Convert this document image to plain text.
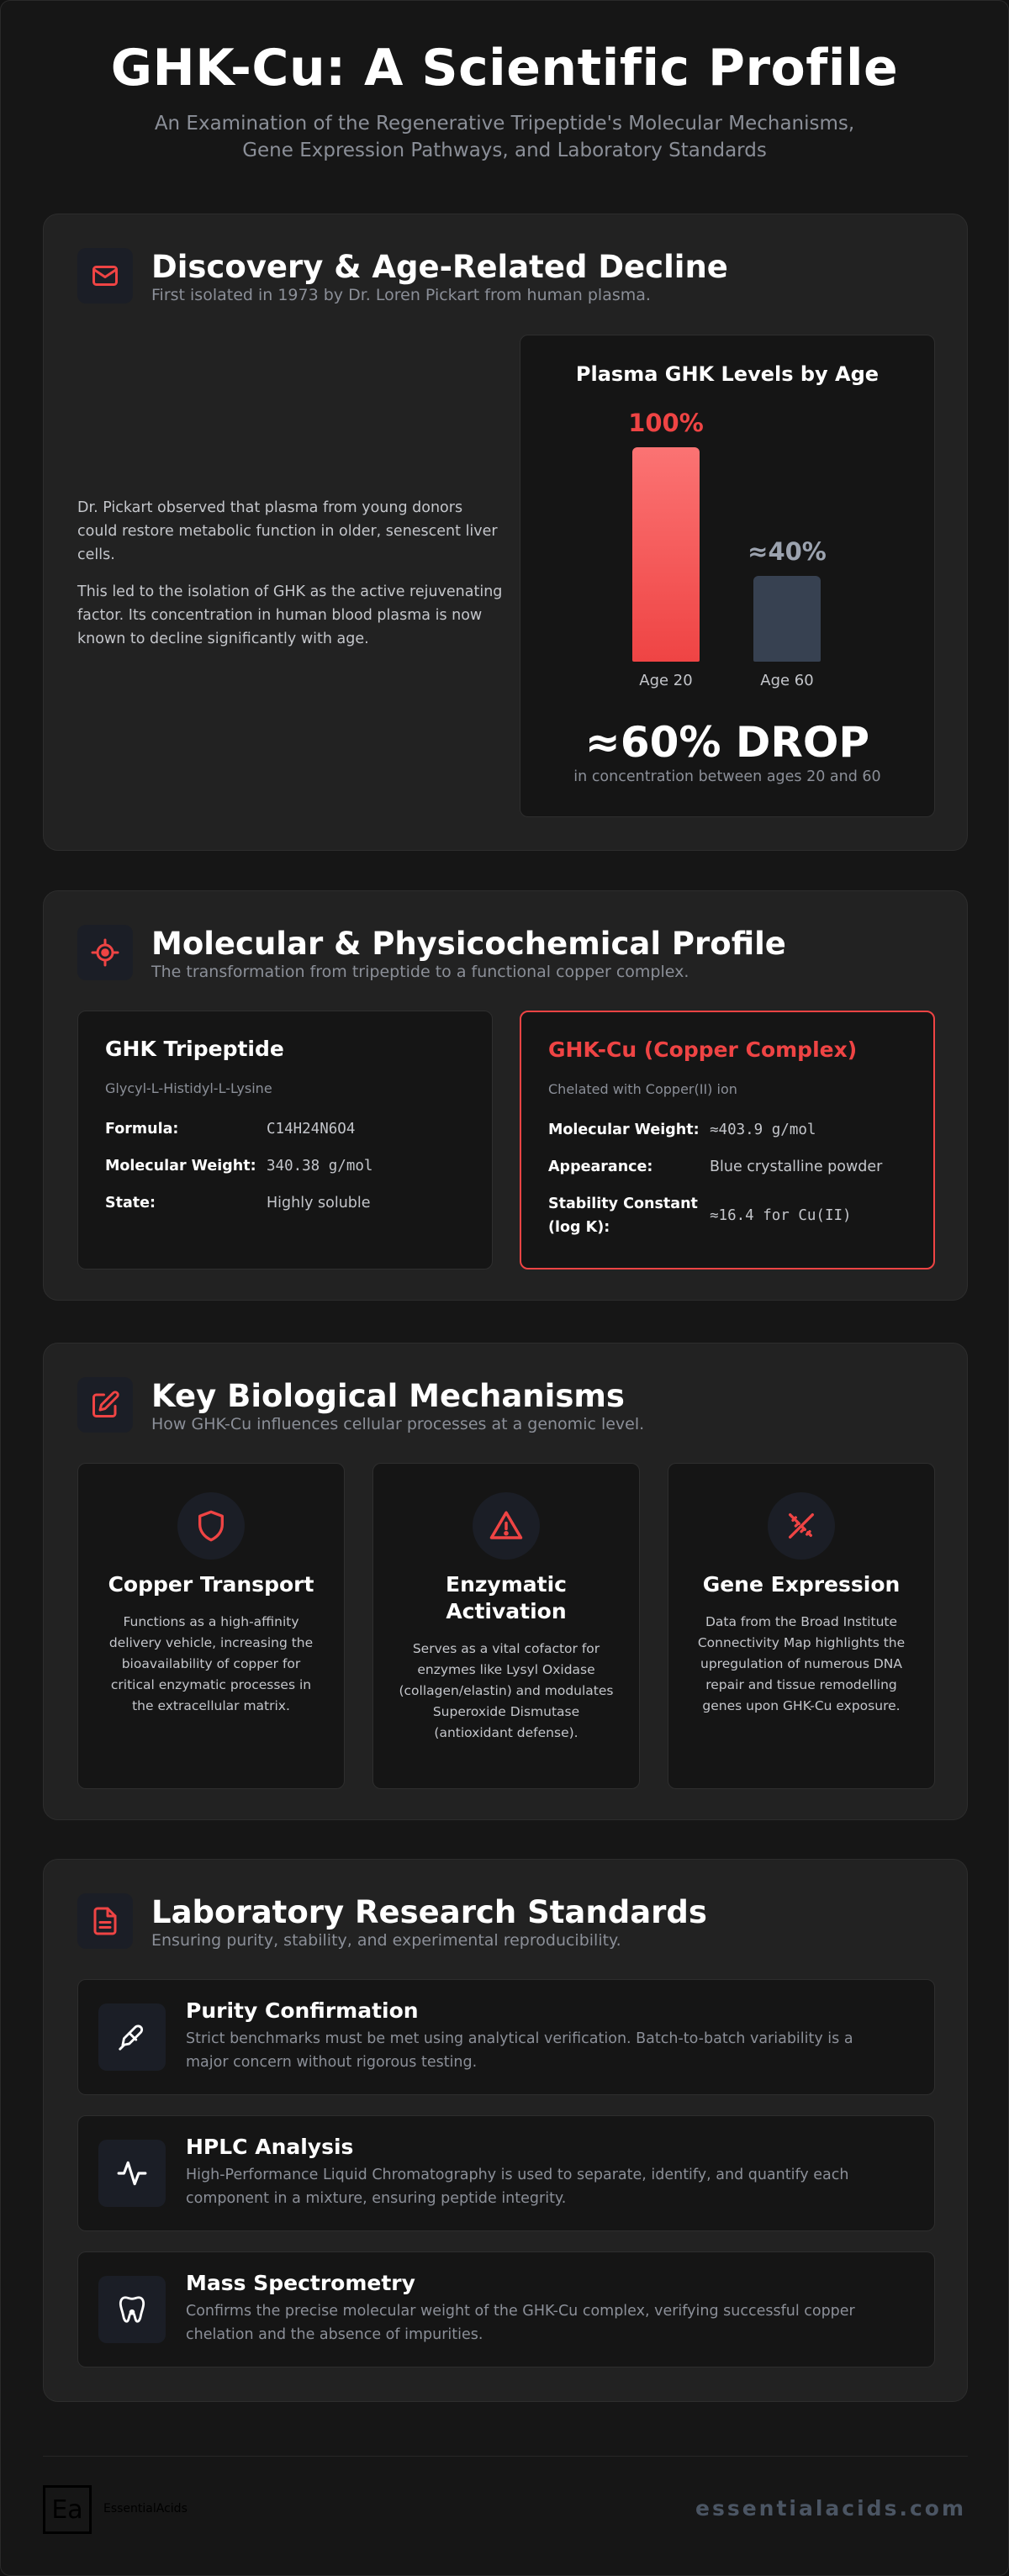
GHK-Cu: A Scientific Profile

An Examination of the Regenerative Tripeptide's Molecular Mechanisms,
Gene Expression Pathways, and Laboratory Standards

Discovery & Age-Related Decline
First isolated in 1973 by Dr. Loren Pickart from human plasma.

Dr. Pickart observed that plasma from young donors could restore metabolic function in older, senescent liver cells.

This led to the isolation of GHK as the active rejuvenating factor. Its concentration in human blood plasma is now known to decline significantly with age.

Plasma GHK Levels by Age
100%
Age 20
≈40%
Age 60
≈60% DROP
in concentration between ages 20 and 60
Molecular & Physicochemical Profile
The transformation from tripeptide to a functional copper complex.
GHK Tripeptide
Glycyl-L-Histidyl-L-Lysine
Formula:	C14H24N6O4
Molecular Weight: 340.38 g/mol
State:	Highly soluble
GHK-Cu (Copper Complex)
Chelated with Copper(II) ion
Molecular Weight: ≈403.9 g/mol
Appearance:	Blue crystalline powder
Stability Constant (log K):
≈16.4 for Cu(II)
Key Biological Mechanisms
How GHK-Cu influences cellular processes at a genomic level.
Copper Transport
Functions as a high-affinity delivery vehicle, increasing the bioavailability of copper for critical enzymatic processes in the extracellular matrix.
Enzymatic Activation
Serves as a vital cofactor for enzymes like Lysyl Oxidase (collagen/elastin) and modulates Superoxide Dismutase (antioxidant defense).
Gene Expression
Data from the Broad Institute Connectivity Map highlights the upregulation of numerous DNA repair and tissue remodelling genes upon GHK-Cu exposure.
Laboratory Research Standards
Ensuring purity, stability, and experimental reproducibility.
Purity Confirmation
Strict benchmarks must be met using analytical verification. Batch-to-batch variability is a major concern without rigorous testing.
HPLC Analysis
High-Performance Liquid Chromatography is used to separate, identify, and quantify each component in a mixture, ensuring peptide integrity.
Mass Spectrometry
Confirms the precise molecular weight of the GHK-Cu complex, verifying successful copper chelation and the absence of impurities.
Ea	EssentialAcids	essentialacids.com
